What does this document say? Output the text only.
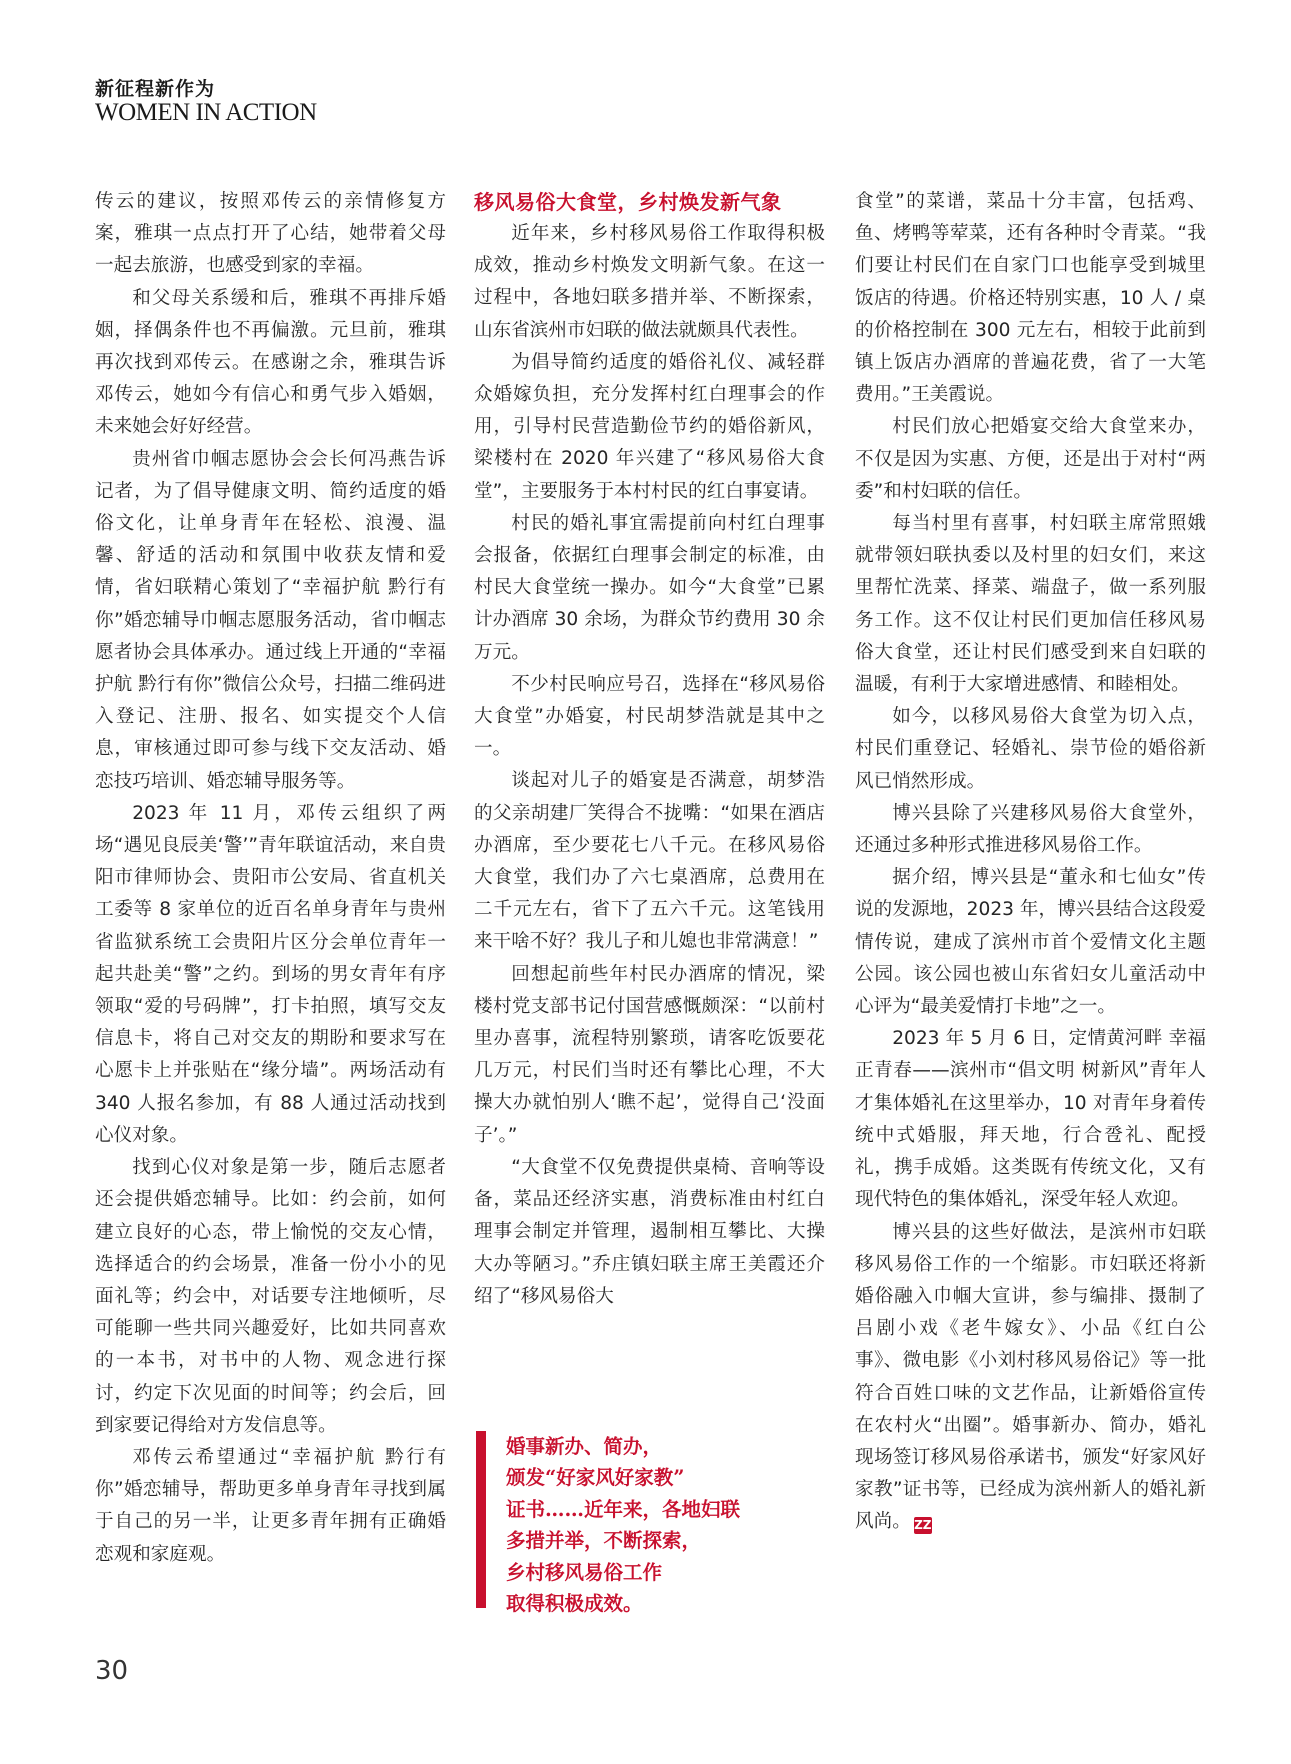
新征程新作为
WOMEN IN ACTION

传云的建议，按照邓传云的亲情修复方案，雅琪一点点打开了心结，她带着父母一起去旅游，也感受到家的幸福。

和父母关系缓和后，雅琪不再排斥婚姻，择偶条件也不再偏激。元旦前，雅琪再次找到邓传云。在感谢之余，雅琪告诉邓传云，她如今有信心和勇气步入婚姻，未来她会好好经营。

贵州省巾帼志愿协会会长何冯燕告诉记者，为了倡导健康文明、简约适度的婚俗文化，让单身青年在轻松、浪漫、温馨、舒适的活动和氛围中收获友情和爱情，省妇联精心策划了“幸福护航 黔行有你”婚恋辅导巾帼志愿服务活动，省巾帼志愿者协会具体承办。通过线上开通的“幸福护航 黔行有你”微信公众号，扫描二维码进入登记、注册、报名、如实提交个人信息，审核通过即可参与线下交友活动、婚恋技巧培训、婚恋辅导服务等。

2023 年 11 月，邓传云组织了两场“遇见良辰美‘警’”青年联谊活动，来自贵阳市律师协会、贵阳市公安局、省直机关工委等 8 家单位的近百名单身青年与贵州省监狱系统工会贵阳片区分会单位青年一起共赴美“警”之约。到场的男女青年有序领取“爱的号码牌”，打卡拍照，填写交友信息卡，将自己对交友的期盼和要求写在心愿卡上并张贴在“缘分墙”。两场活动有 340 人报名参加，有 88 人通过活动找到心仪对象。

找到心仪对象是第一步，随后志愿者还会提供婚恋辅导。比如：约会前，如何建立良好的心态，带上愉悦的交友心情，选择适合的约会场景，准备一份小小的见面礼等；约会中，对话要专注地倾听，尽可能聊一些共同兴趣爱好，比如共同喜欢的一本书，对书中的人物、观念进行探讨，约定下次见面的时间等；约会后，回到家要记得给对方发信息等。

邓传云希望通过“幸福护航 黔行有你”婚恋辅导，帮助更多单身青年寻找到属于自己的另一半，让更多青年拥有正确婚恋观和家庭观。

移风易俗大食堂，乡村焕发新气象

近年来，乡村移风易俗工作取得积极成效，推动乡村焕发文明新气象。在这一过程中，各地妇联多措并举、不断探索，山东省滨州市妇联的做法就颇具代表性。

为倡导简约适度的婚俗礼仪、减轻群众婚嫁负担，充分发挥村红白理事会的作用，引导村民营造勤俭节约的婚俗新风，梁楼村在 2020 年兴建了“移风易俗大食堂”，主要服务于本村村民的红白事宴请。

村民的婚礼事宜需提前向村红白理事会报备，依据红白理事会制定的标准，由村民大食堂统一操办。如今“大食堂”已累计办酒席 30 余场，为群众节约费用 30 余万元。

不少村民响应号召，选择在“移风易俗大食堂”办婚宴，村民胡梦浩就是其中之一。

谈起对儿子的婚宴是否满意，胡梦浩的父亲胡建厂笑得合不拢嘴：“如果在酒店办酒席，至少要花七八千元。在移风易俗大食堂，我们办了六七桌酒席，总费用在二千元左右，省下了五六千元。这笔钱用来干啥不好？我儿子和儿媳也非常满意！”

回想起前些年村民办酒席的情况，梁楼村党支部书记付国营感慨颇深：“以前村里办喜事，流程特别繁琐，请客吃饭要花几万元，村民们当时还有攀比心理，不大操大办就怕别人‘瞧不起’，觉得自己‘没面子’。”

“大食堂不仅免费提供桌椅、音响等设备，菜品还经济实惠，消费标准由村红白理事会制定并管理，遏制相互攀比、大操大办等陋习。”乔庄镇妇联主席王美霞还介绍了“移风易俗大

婚事新办、简办，
颁发“好家风好家教”
证书……近年来，各地妇联
多措并举，不断探索，
乡村移风易俗工作
取得积极成效。

食堂”的菜谱，菜品十分丰富，包括鸡、鱼、烤鸭等荤菜，还有各种时令青菜。“我们要让村民们在自家门口也能享受到城里饭店的待遇。价格还特别实惠，10 人 / 桌的价格控制在 300 元左右，相较于此前到镇上饭店办酒席的普遍花费，省了一大笔费用。”王美霞说。

村民们放心把婚宴交给大食堂来办，不仅是因为实惠、方便，还是出于对村“两委”和村妇联的信任。

每当村里有喜事，村妇联主席常照娥就带领妇联执委以及村里的妇女们，来这里帮忙洗菜、择菜、端盘子，做一系列服务工作。这不仅让村民们更加信任移风易俗大食堂，还让村民们感受到来自妇联的温暖，有利于大家增进感情、和睦相处。

如今，以移风易俗大食堂为切入点，村民们重登记、轻婚礼、崇节俭的婚俗新风已悄然形成。

博兴县除了兴建移风易俗大食堂外，还通过多种形式推进移风易俗工作。

据介绍，博兴县是“董永和七仙女”传说的发源地，2023 年，博兴县结合这段爱情传说，建成了滨州市首个爱情文化主题公园。该公园也被山东省妇女儿童活动中心评为“最美爱情打卡地”之一。

2023 年 5 月 6 日，定情黄河畔 幸福正青春——滨州市“倡文明 树新风”青年人才集体婚礼在这里举办，10 对青年身着传统中式婚服，拜天地，行合卺礼、配授礼，携手成婚。这类既有传统文化，又有现代特色的集体婚礼，深受年轻人欢迎。

博兴县的这些好做法，是滨州市妇联移风易俗工作的一个缩影。市妇联还将新婚俗融入巾帼大宣讲，参与编排、摄制了吕剧小戏《老牛嫁女》、小品《红白公事》、微电影《小刘村移风易俗记》等一批符合百姓口味的文艺作品，让新婚俗宣传在农村火“出圈”。婚事新办、简办，婚礼现场签订移风易俗承诺书，颁发“好家风好家教”证书等，已经成为滨州新人的婚礼新风尚。 ZZ

30
